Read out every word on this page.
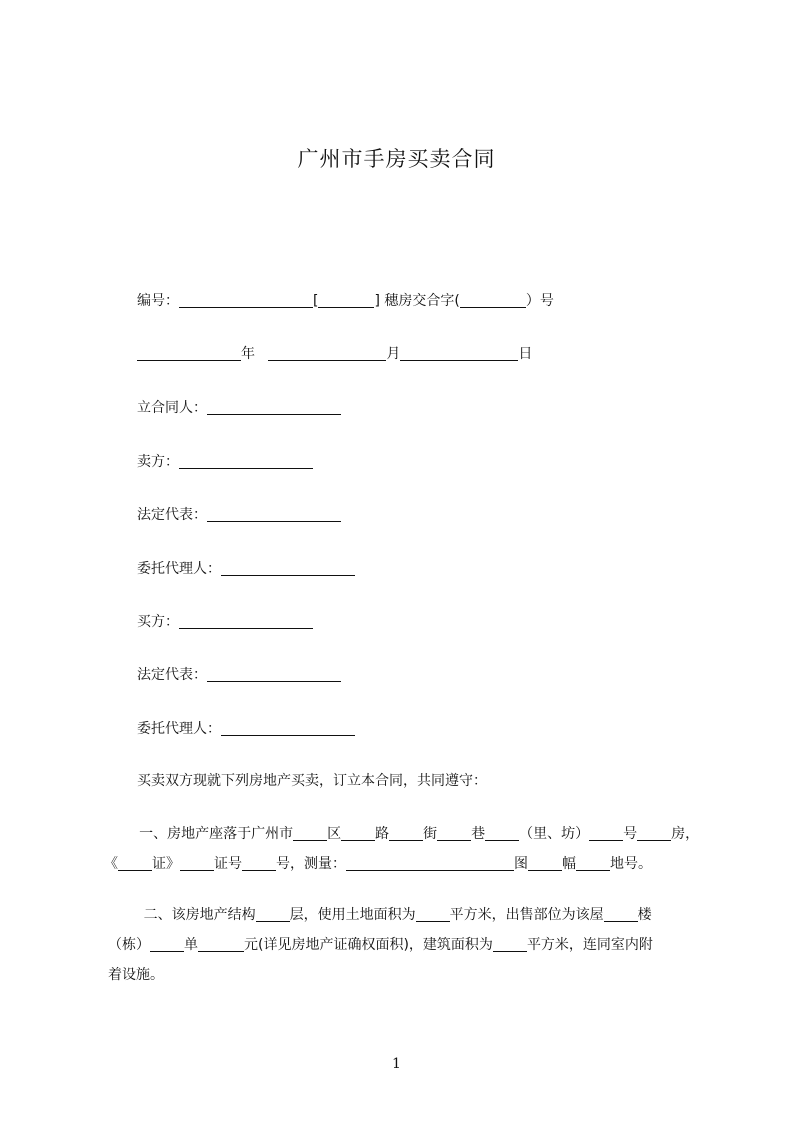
广州市手房买卖合同
编号：	[	] 穗房交合字(	）号
年	月	日
立合同人：
卖方：
法定代表：
委托代理人：
买方：
法定代表：
委托代理人：
买卖双方现就下列房地产买卖，订立本合同，共同遵守：
一、房地产座落于广州市 区 路 街 巷 （里、坊） 号 房，
《 证》 证号 号，测量：	图 幅 地号。
二、该房地产结构 层，使用土地面积为 平方米，出售部位为该屋 楼
（栋） 单	元(详见房地产证确权面积)，建筑面积为 平方米，连同室内附
着设施。
1
